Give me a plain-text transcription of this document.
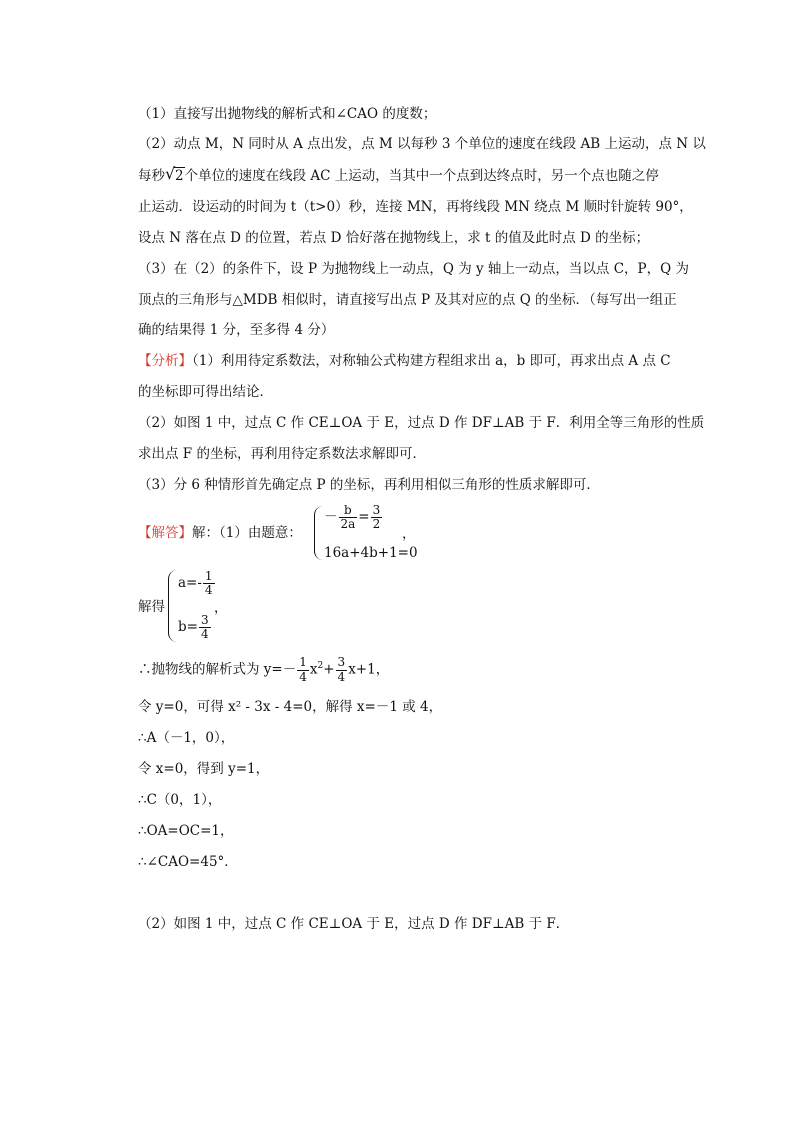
（1）直接写出抛物线的解析式和∠CAO 的度数；
（2）动点 M，N 同时从 A 点出发，点 M 以每秒 3 个单位的速度在线段 AB 上运动，点 N 以
每秒 √ 2个单位的速度在线段 AC 上运动，当其中一个点到达终点时，另一个点也随之停
止运动．设运动的时间为 t（t>0）秒，连接 MN，再将线段 MN 绕点 M 顺时针旋转 90°，
设点 N 落在点 D 的位置，若点 D 恰好落在抛物线上，求 t 的值及此时点 D 的坐标；
（3）在（2）的条件下，设 P 为抛物线上一动点，Q 为 y 轴上一动点，当以点 C，P，Q 为
顶点的三角形与△MDB 相似时，请直接写出点 P 及其对应的点 Q 的坐标．（每写出一组正
确的结果得 1 分，至多得 4 分）
【分析】（1）利用待定系数法，对称轴公式构建方程组求出 a，b 即可，再求出点 A 点 C
的坐标即可得出结论．
（2）如图 1 中，过点 C 作 CE⊥OA 于 E，过点 D 作 DF⊥AB 于 F．利用全等三角形的性质
求出点 F 的坐标，再利用待定系数法求解即可．
（3）分 6 种情形首先确定点 P 的坐标，再利用相似三角形的性质求解即可．
【解答】解：（1）由题意：
－ $\frac{b}{2a} = \frac{3}{2}$
，
16a+4b+1=0
解得
$a=- \frac{1}{4}$
，
$b= \frac{3}{4}$
∴抛物线的解析式为 $y=- \frac{1}{4} x^2+ \frac{3}{4} x+1$，
令 y=0，可得 x² - 3x - 4=0，解得 x=－1 或 4，
∴A（－1，0），
令 x=0，得到 y=1，
∴C（0，1），
∴OA=OC=1，
∴∠CAO=45°．
（2）如图 1 中，过点 C 作 CE⊥OA 于 E，过点 D 作 DF⊥AB 于 F．
